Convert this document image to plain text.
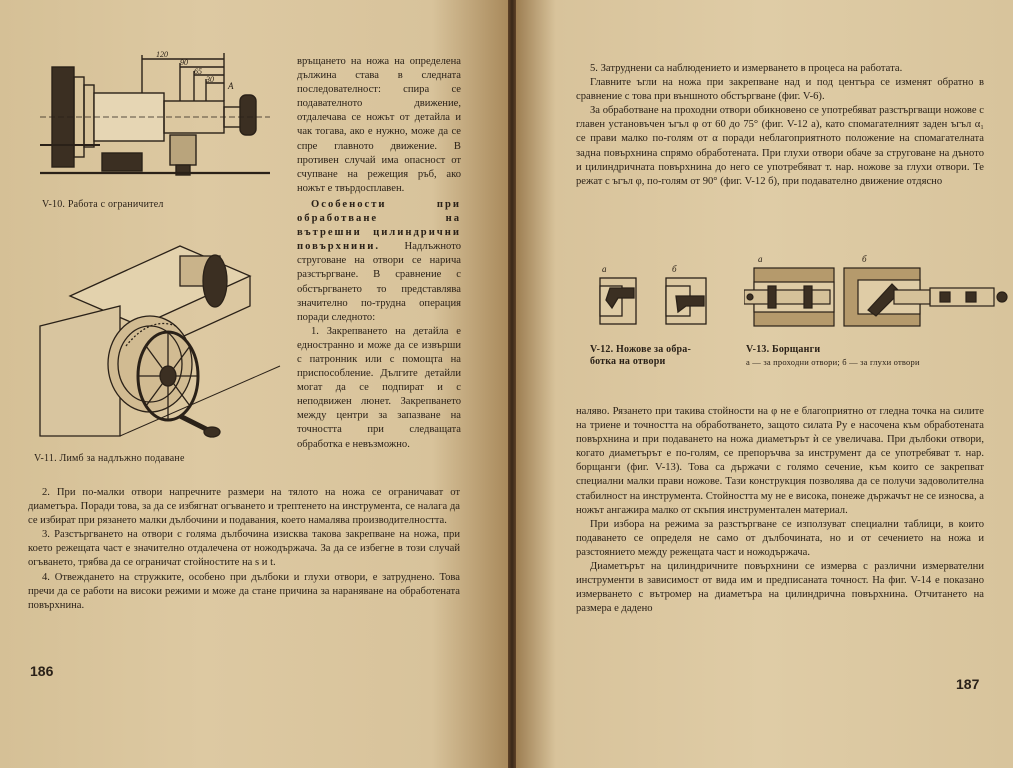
120
90
65
30
А
V-10. Работа с ограничител
V-11. Лимб за надлъжно подаване

връщането на ножа на определена дължина става в следната последователност: спира се подавателното движение, отдалечава се ножът от детайла и чак тогава, ако е нужно, може да се спре главното движение. В противен случай има опасност от счупване на режещия ръб, ако ножът е твърдосплавен.

Особености при обработване на вътрешни цилиндрични повърхнини. Надлъжното струговане на отвори се нарича разстъргване. В сравнение с обстъргването то представлява значително по-трудна операция поради следното:

1. Закрепването на детайла е едностранно и може да се извърши с патронник или с помощта на приспособление. Дългите детайли могат да се подпират и с неподвижен люнет. Закрепването между центри за запазване на точността при следващата обработка е невъзможно.

2. При по-малки отвори напречните размери на тялото на ножа се ограничават от диаметъра. Поради това, за да се избягнат огъването и трептенето на инструмента, се налага да се избират при рязането малки дълбочини и подавания, което намалява производителността.

3. Разстъргването на отвори с голяма дълбочина изисква такова закрепване на ножа, при което режещата част е значително отдалечена от ножодържача. За да се избегне в този случай огъването, трябва да се ограничат стойностите на s и t.

4. Отвеждането на стружките, особено при дълбоки и глухи отвори, е затруднено. Това пречи да се работи на високи режими и може да стане причина за нараняване на обработената повърхнина.

186

5. Затруднени са наблюдението и измерването в процеса на работата.

Главните ъгли на ножа при закрепване над и под центъра се изменят обратно в сравнение с това при външното обстъргване (фиг. V-6).

За обработване на проходни отвори обикновено се употребяват разстъргващи ножове с главен установъчен ъгъл φ от 60 до 75° (фиг. V-12 а), като спомагателният заден ъгъл α₁ се прави малко по-голям от α поради неблагоприятното положение на спомагателната задна повърхнина спрямо обработената. При глухи отвори обаче за струговане на дъното и цилиндричната повърхнина до него се употребяват т. нар. ножове за глухи отвори. Те режат с ъгъл φ, по-голям от 90° (фиг. V-12 б), при подавателно движение отдясно

а	б
V-12. Ножове за обра-
ботка на отвори
а	б
V-13. Борщанги
а — за проходни отвори; б — за глухи отвори

наляво. Рязането при такива стойности на φ не е благоприятно от гледна точка на силите на триене и точността на обработването, защото силата Py е насочена към обработената повърхнина и при подаването на ножа диаметърът ѝ се увеличава. При дълбоки отвори, когато диаметърът е по-голям, се препоръчва за инструмент да се употребяват т. нар. борщанги (фиг. V-13). Това са държачи с голямо сечение, към които се закрепват специални малки прави ножове. Тази конструкция позволява да се получи задоволителна стабилност на инструмента. Стойността му не е висока, понеже държачът не се износва, а ножът ангажира малко от скъпия инструментален материал.

При избора на режима за разстъргване се използуват специални таблици, в които подаването се определя не само от дълбочината, но и от сечението на ножа и разстоянието между режещата част и ножодържача.

Диаметърът на цилиндричните повърхнини се измерва с различни измервателни инструменти в зависимост от вида им и предписаната точност. На фиг. V-14 е показано измерването с вътромер на диаметъра на цилиндрична повърхнина. Отчитането на размера е дадено

187
